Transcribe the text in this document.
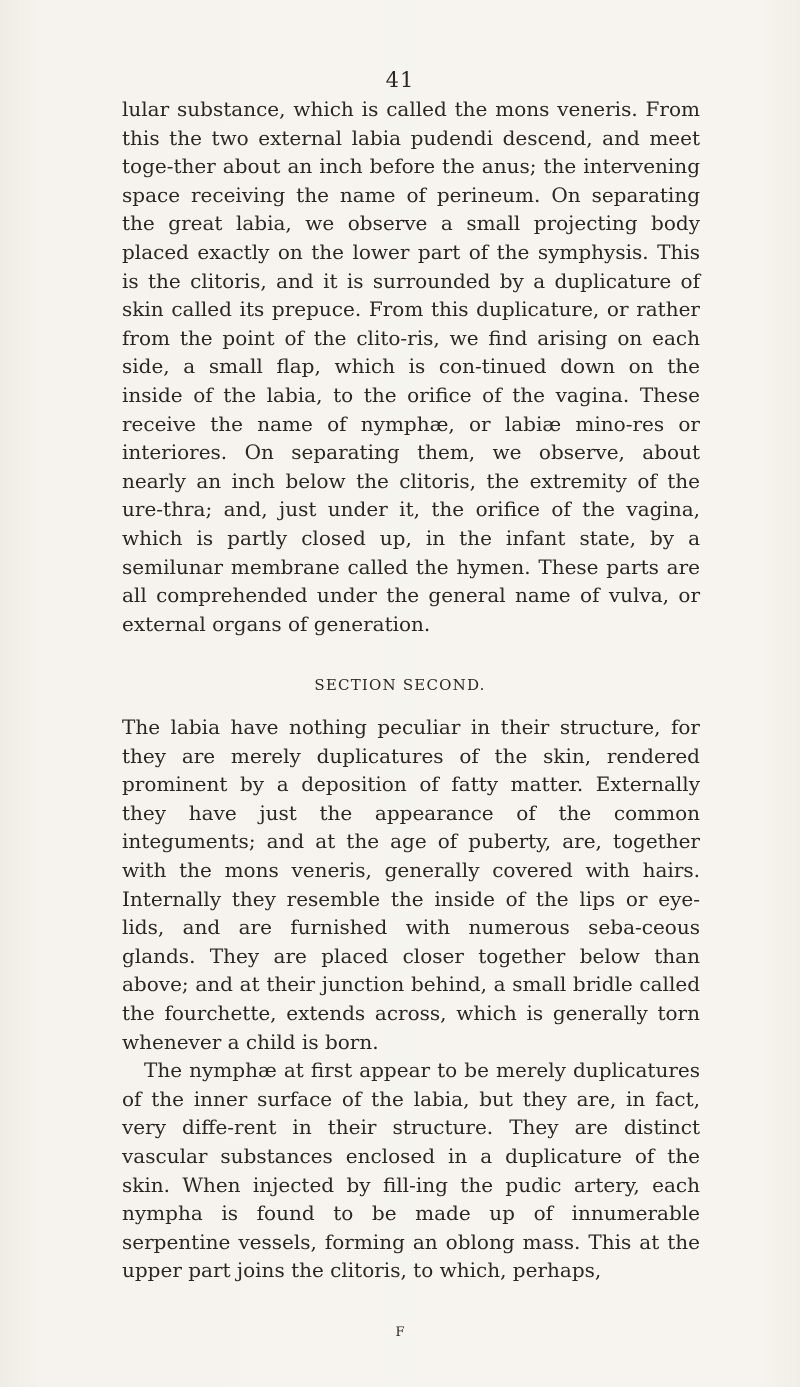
41

lular substance, which is called the mons veneris. From this the two external labia pudendi descend, and meet toge-ther about an inch before the anus; the intervening space receiving the name of perineum. On separating the great labia, we observe a small projecting body placed exactly on the lower part of the symphysis. This is the clitoris, and it is surrounded by a duplicature of skin called its prepuce. From this duplicature, or rather from the point of the clito-ris, we find arising on each side, a small flap, which is con-tinued down on the inside of the labia, to the orifice of the vagina. These receive the name of nymphæ, or labiæ mino-res or interiores. On separating them, we observe, about nearly an inch below the clitoris, the extremity of the ure-thra; and, just under it, the orifice of the vagina, which is partly closed up, in the infant state, by a semilunar membrane called the hymen. These parts are all comprehended under the general name of vulva, or external organs of generation.

SECTION SECOND.

The labia have nothing peculiar in their structure, for they are merely duplicatures of the skin, rendered prominent by a deposition of fatty matter. Externally they have just the appearance of the common integuments; and at the age of puberty, are, together with the mons veneris, generally covered with hairs. Internally they resemble the inside of the lips or eye-lids, and are furnished with numerous seba-ceous glands. They are placed closer together below than above; and at their junction behind, a small bridle called the fourchette, extends across, which is generally torn whenever a child is born.

The nymphæ at first appear to be merely duplicatures of the inner surface of the labia, but they are, in fact, very diffe-rent in their structure. They are distinct vascular substances enclosed in a duplicature of the skin. When injected by fill-ing the pudic artery, each nympha is found to be made up of innumerable serpentine vessels, forming an oblong mass. This at the upper part joins the clitoris, to which, perhaps,

F
